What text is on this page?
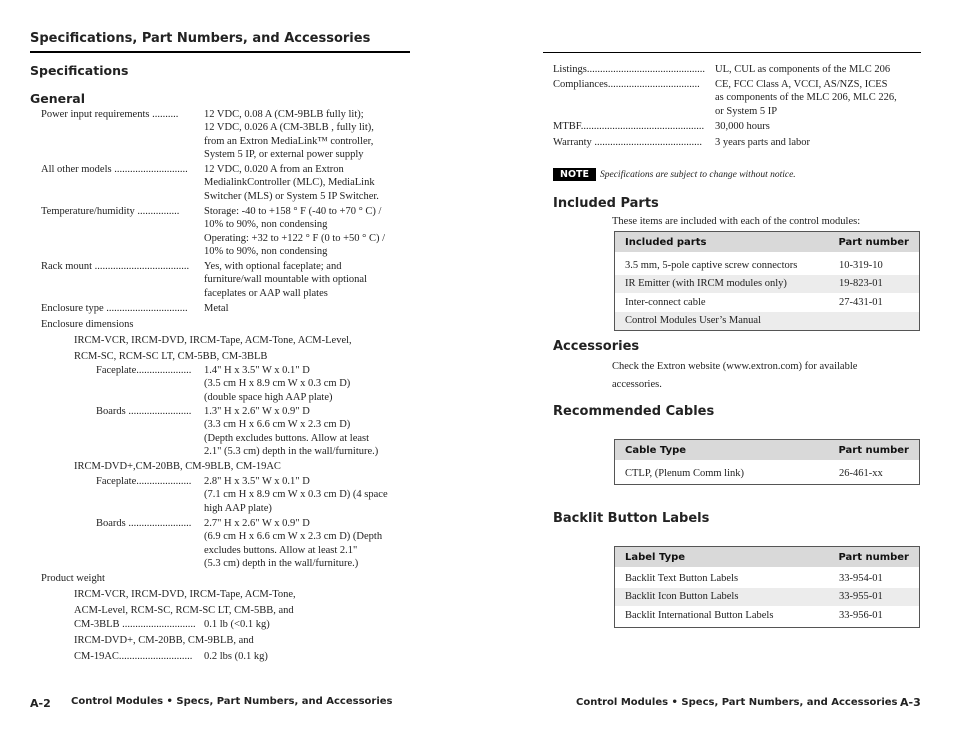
Specifications, Part Numbers, and Accessories
Specifications
General
Power input requirements .......... 12 VDC, 0.08 A (CM-9BLB fully lit);
12 VDC, 0.026 A (CM-3BLB , fully lit),
from an Extron MediaLink™ controller,
System 5 IP, or external power supply
All other models ............................ 12 VDC, 0.020 A from an Extron
MedialinkController (MLC), MediaLink
Switcher (MLS) or System 5 IP Switcher.
Temperature/humidity ................ Storage: -40 to +158 ° F (-40 to +70 ° C) /
10% to 90%, non condensing
Operating: +32 to +122 ° F (0 to +50 ° C) /
10% to 90%, non condensing
Rack mount .................................... Yes, with optional faceplate; and
furniture/wall mountable with optional
faceplates or AAP wall plates
Enclosure type ............................... Metal
Enclosure dimensions
IRCM-VCR, IRCM-DVD, IRCM-Tape, ACM-Tone, ACM-Level,
RCM-SC, RCM-SC LT, CM-5BB, CM-3BLB
Faceplate..................... 1.4" H x 3.5" W x 0.1" D
(3.5 cm H x 8.9 cm W x 0.3 cm D)
(double space high AAP plate)
Boards ........................ 1.3" H x 2.6" W x 0.9" D
(3.3 cm H x 6.6 cm W x 2.3 cm D)
(Depth excludes buttons. Allow at least
2.1" (5.3 cm) depth in the wall/furniture.)
IRCM-DVD+,CM-20BB, CM-9BLB, CM-19AC
Faceplate..................... 2.8" H x 3.5" W x 0.1" D
(7.1 cm H x 8.9 cm W x 0.3 cm D) (4 space
high AAP plate)
Boards ........................ 2.7" H x 2.6" W x 0.9" D
(6.9 cm H x 6.6 cm W x 2.3 cm D) (Depth
excludes buttons. Allow at least 2.1"
(5.3 cm) depth in the wall/furniture.)
Product weight
IRCM-VCR, IRCM-DVD, IRCM-Tape, ACM-Tone,
ACM-Level, RCM-SC, RCM-SC LT, CM-5BB, and
CM-3BLB ............................ 0.1 lb (<0.1 kg)
IRCM-DVD+, CM-20BB, CM-9BLB, and
CM-19AC............................ 0.2 lbs (0.1 kg)
A-2 Control Modules • Specs, Part Numbers, and Accessories
Listings............................................. UL, CUL as components of the MLC 206
Compliances................................... CE, FCC Class A, VCCI, AS/NZS, ICES
as components of the MLC 206, MLC 226,
or System 5 IP
MTBF............................................... 30,000 hours
Warranty ......................................... 3 years parts and labor
NOTE	Specifications are subject to change without notice.
Included Parts
These items are included with each of the control modules:
Included parts	Part number
3.5 mm, 5-pole captive screw connectors	10-319-10
IR Emitter (with IRCM modules only)	19-823-01
Inter-connect cable	27-431-01
Control Modules User’s Manual
Accessories
Check the Extron website (www.extron.com) for available
accessories.
Recommended Cables
Cable Type	Part number
CTLP, (Plenum Comm link)	26-461-xx
Backlit Button Labels
Label Type	Part number
Backlit Text Button Labels	33-954-01
Backlit Icon Button Labels	33-955-01
Backlit International Button Labels	33-956-01
Control Modules • Specs, Part Numbers, and Accessories A-3
